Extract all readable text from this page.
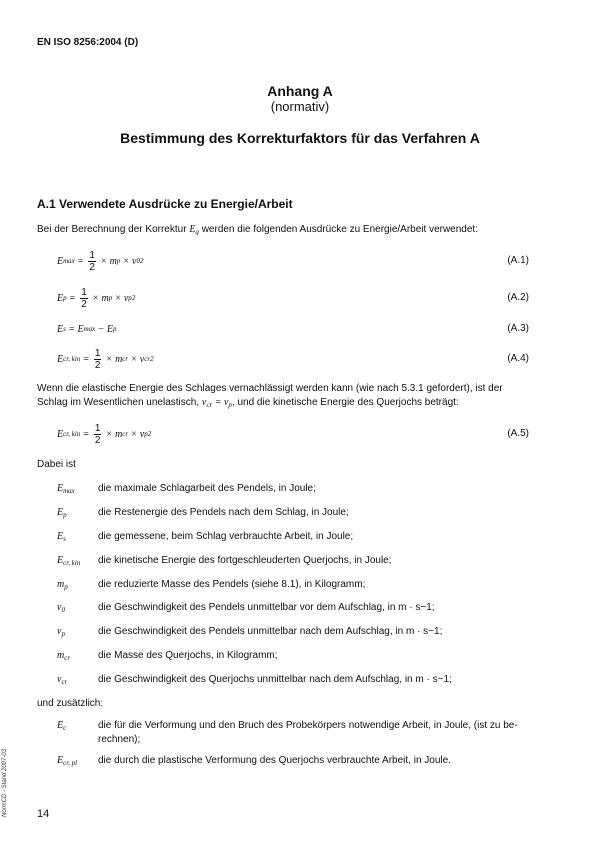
EN ISO 8256:2004 (D)
Anhang A
(normativ)
Bestimmung des Korrekturfaktors für das Verfahren A
A.1 Verwendete Ausdrücke zu Energie/Arbeit
Bei der Berechnung der Korrektur $E_q$ werden die folgenden Ausdrücke zu Energie/Arbeit verwendet:
E $\max = \frac{1}{2} \times m$ p × v 0 2	(A.1)
E $p = \frac{1}{2} \times m$ p × v p 2	(A.2)
E s = E max − E p	(A.3)
E cr, kin = $\frac{1}{2} \times m$ cr × v cr 2	(A.4)
Wenn die elastische Energie des Schlages vernachlässigt werden kann (wie nach 5.3.1 gefordert), ist der
Schlag im Wesentlichen unelastisch, $v_{cr} = v_p$, und die kinetische Energie des Querjochs beträgt:
E cr, kin = $\frac{1}{2} \times m$ cr × v p 2	(A.5)
Dabei ist
$E_{max}$	die maximale Schlagarbeit des Pendels, in Joule;
$E_p$	die Restenergie des Pendels nach dem Schlag, in Joule;
$E_s$	die gemessene, beim Schlag verbrauchte Arbeit, in Joule;
$E_{cr, kin}$	die kinetische Energie des fortgeschleuderten Querjochs, in Joule;
$m_p$	die reduzierte Masse des Pendels (siehe 8.1), in Kilogramm;
$v_0$	die Geschwindigkeit des Pendels unmittelbar vor dem Aufschlag, in m · s−1;
$v_p$	die Geschwindigkeit des Pendels unmittelbar nach dem Aufschlag, in m · s−1;
$m_{cr}$	die Masse des Querjochs, in Kilogramm;
$v_{cr}$	die Geschwindigkeit des Querjochs unmittelbar nach dem Aufschlag, in m · s−1;
und zusätzlich:
$E_c$	die für die Verformung und den Bruch des Probekörpers notwendige Arbeit, in Joule, (ist zu be-
rechnen);
$E_{cr, pl}$	die durch die plastische Verformung des Querjochs verbrauchte Arbeit, in Joule.
NormCD - Stand 2007-03	14
